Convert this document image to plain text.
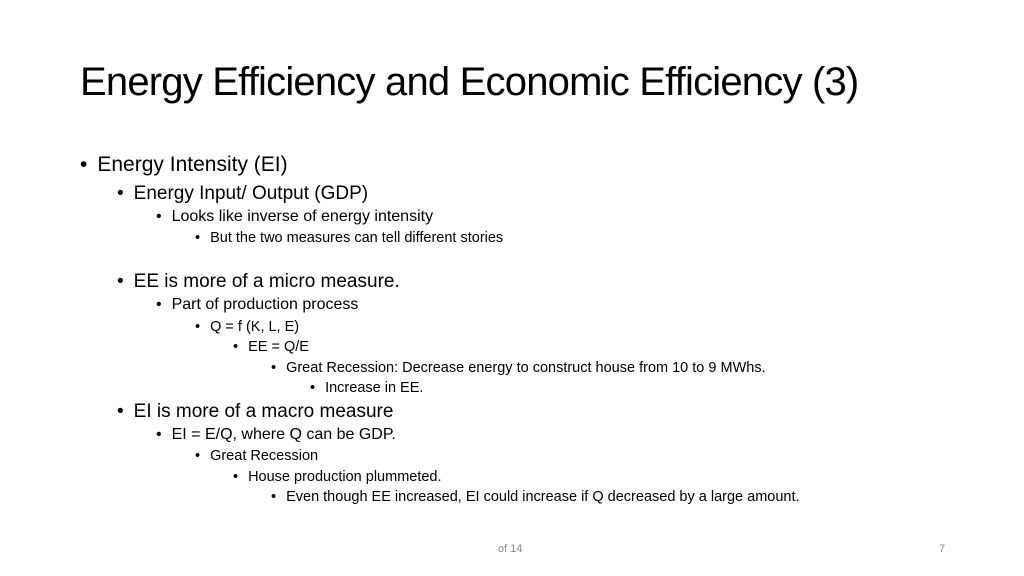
Energy Efficiency and Economic Efficiency (3)
• Energy Intensity (EI)
• Energy Input/ Output (GDP)
• Looks like inverse of energy intensity
• But the two measures can tell different stories
• EE is more of a micro measure.
• Part of production process
• Q = f (K, L, E)
• EE = Q/E
• Great Recession: Decrease energy to construct house from 10 to 9 MWhs.
• Increase in EE.
• EI is more of a macro measure
• EI = E/Q, where Q can be GDP.
• Great Recession
• House production plummeted.
• Even though EE increased, EI could increase if Q decreased by a large amount.
of 14	7
